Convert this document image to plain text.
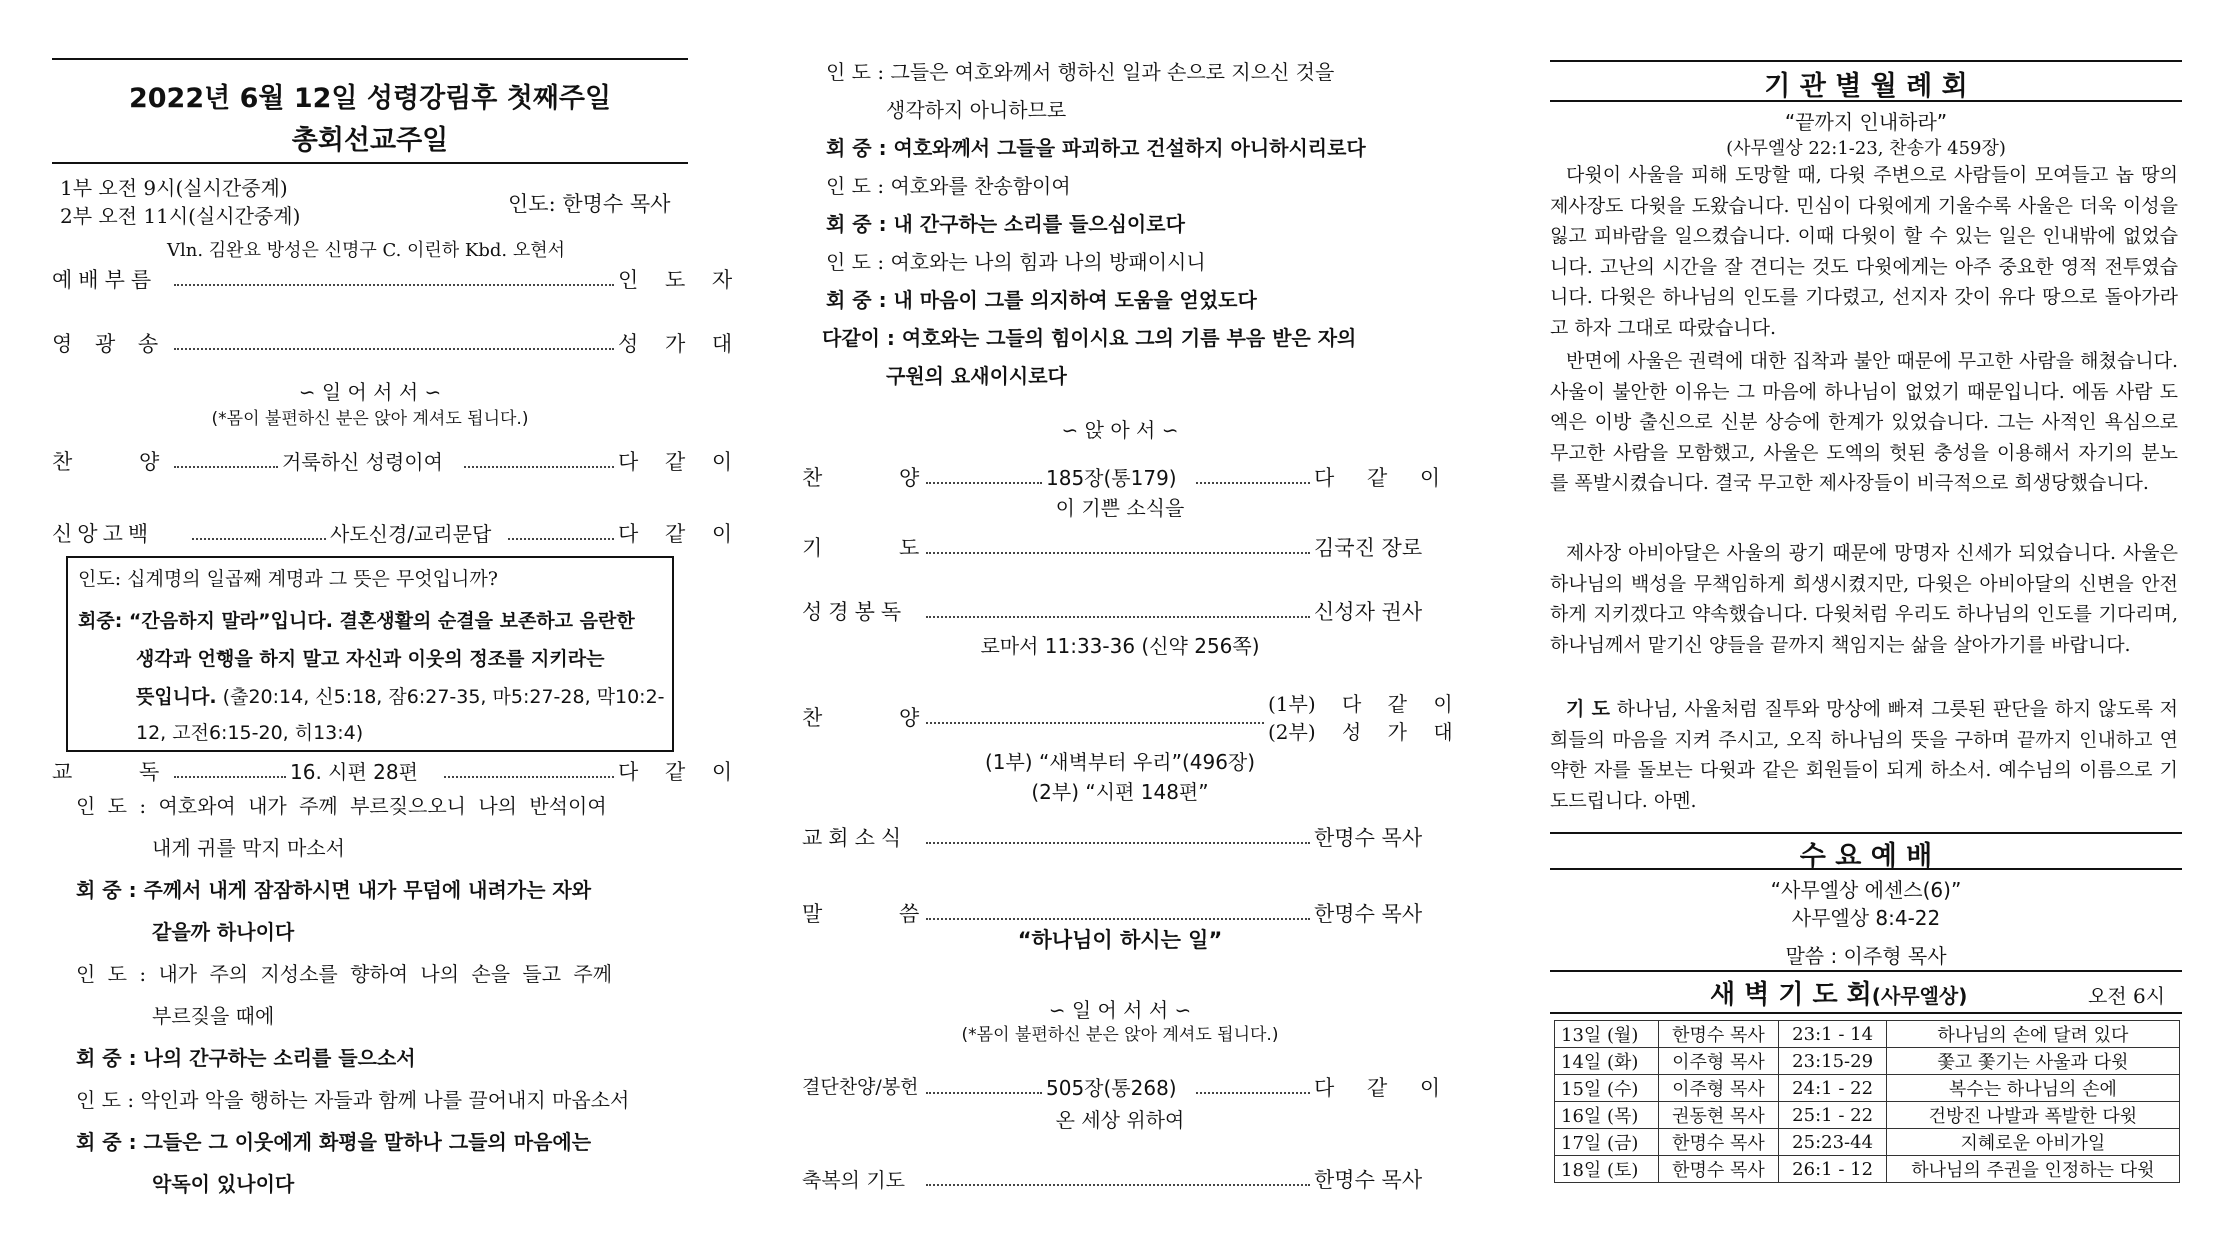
2022년 6월 12일 성령강림후 첫째주일
총회선교주일
1부 오전 9시(실시간중계)
2부 오전 11시(실시간중계)	인도: 한명수 목사
Vln. 김완요 방성은 신명구 C. 이린하 Kbd. 오현서
예배부름	인 도 자
영 광 송	성 가 대
∽ 일 어 서 서 ∽
(*몸이 불편하신 분은 앉아 계셔도 됩니다.)
찬 양	거룩하신 성령이여	다 같 이
신앙고백	사도신경/교리문답	다 같 이
인도: 십계명의 일곱째 계명과 그 뜻은 무엇입니까?
회중: “간음하지 말라”입니다. 결혼생활의 순결을 보존하고 음란한
생각과 언행을 하지 말고 자신과 이웃의 정조를 지키라는
뜻입니다. (출20:14, 신5:18, 잠6:27-35, 마5:27-28, 막10:2-
12, 고전6:15-20, 히13:4)
교 독	16. 시편 28편	다 같 이
인 도 : 여호와여 내가 주께 부르짖으오니 나의 반석이여
내게 귀를 막지 마소서
회 중 : 주께서 내게 잠잠하시면 내가 무덤에 내려가는 자와
같을까 하나이다
인 도 : 내가 주의 지성소를 향하여 나의 손을 들고 주께
부르짖을 때에
회 중 : 나의 간구하는 소리를 들으소서
인 도 : 악인과 악을 행하는 자들과 함께 나를 끌어내지 마옵소서
회 중 : 그들은 그 이웃에게 화평을 말하나 그들의 마음에는
악독이 있나이다
인 도 : 그들은 여호와께서 행하신 일과 손으로 지으신 것을
생각하지 아니하므로
회 중 : 여호와께서 그들을 파괴하고 건설하지 아니하시리로다
인 도 : 여호와를 찬송함이여
회 중 : 내 간구하는 소리를 들으심이로다
인 도 : 여호와는 나의 힘과 나의 방패이시니
회 중 : 내 마음이 그를 의지하여 도움을 얻었도다
다같이 : 여호와는 그들의 힘이시요 그의 기름 부음 받은 자의
구원의 요새이시로다
∽ 앉 아 서 ∽
찬 양	185장(통179)	다 같 이
이 기쁜 소식을
기 도	김국진 장로
성경봉독	신성자 권사
로마서 11:33-36 (신약 256쪽)
찬 양
(1부) 다 같 이
(2부) 성 가 대
(1부) “새벽부터 우리”(496장)
(2부) “시편 148편”
교회소식	한명수 목사
말 씀	한명수 목사
“하나님이 하시는 일”
∽ 일 어 서 서 ∽
(*몸이 불편하신 분은 앉아 계셔도 됩니다.)
결단찬양/봉헌	505장(통268)	다 같 이
온 세상 위하여
축복의 기도	한명수 목사
기 관 별 월 례 회
“끝까지 인내하라”
(사무엘상 22:1-23, 찬송가 459장)
다윗이 사울을 피해 도망할 때, 다윗 주변으로 사람들이 모여들고 놉 땅의 제사장도 다윗을 도왔습니다. 민심이 다윗에게 기울수록 사울은 더욱 이성을 잃고 피바람을 일으켰습니다. 이때 다윗이 할 수 있는 일은 인내밖에 없었습니다. 고난의 시간을 잘 견디는 것도 다윗에게는 아주 중요한 영적 전투였습니다. 다윗은 하나님의 인도를 기다렸고, 선지자 갓이 유다 땅으로 돌아가라고 하자 그대로 따랐습니다.
반면에 사울은 권력에 대한 집착과 불안 때문에 무고한 사람을 해쳤습니다. 사울이 불안한 이유는 그 마음에 하나님이 없었기 때문입니다. 에돔 사람 도엑은 이방 출신으로 신분 상승에 한계가 있었습니다. 그는 사적인 욕심으로 무고한 사람을 모함했고, 사울은 도엑의 헛된 충성을 이용해서 자기의 분노를 폭발시켰습니다. 결국 무고한 제사장들이 비극적으로 희생당했습니다.
제사장 아비아달은 사울의 광기 때문에 망명자 신세가 되었습니다. 사울은 하나님의 백성을 무책임하게 희생시켰지만, 다윗은 아비아달의 신변을 안전하게 지키겠다고 약속했습니다. 다윗처럼 우리도 하나님의 인도를 기다리며, 하나님께서 맡기신 양들을 끝까지 책임지는 삶을 살아가기를 바랍니다.
기 도 하나님, 사울처럼 질투와 망상에 빠져 그릇된 판단을 하지 않도록 저희들의 마음을 지켜 주시고, 오직 하나님의 뜻을 구하며 끝까지 인내하고 연약한 자를 돌보는 다윗과 같은 회원들이 되게 하소서. 예수님의 이름으로 기도드립니다. 아멘.
수 요 예 배
“사무엘상 에센스(6)”
사무엘상 8:4-22
말씀 : 이주형 목사
새 벽 기 도 회(사무엘상)	오전 6시
13일 (월)	한명수 목사	23:1 - 14	하나님의 손에 달려 있다
14일 (화)	이주형 목사	23:15-29	쫓고 쫓기는 사울과 다윗
15일 (수)	이주형 목사	24:1 - 22	복수는 하나님의 손에
16일 (목)	권동현 목사	25:1 - 22	건방진 나발과 폭발한 다윗
17일 (금)	한명수 목사	25:23-44	지혜로운 아비가일
18일 (토)	한명수 목사	26:1 - 12	하나님의 주권을 인정하는 다윗
